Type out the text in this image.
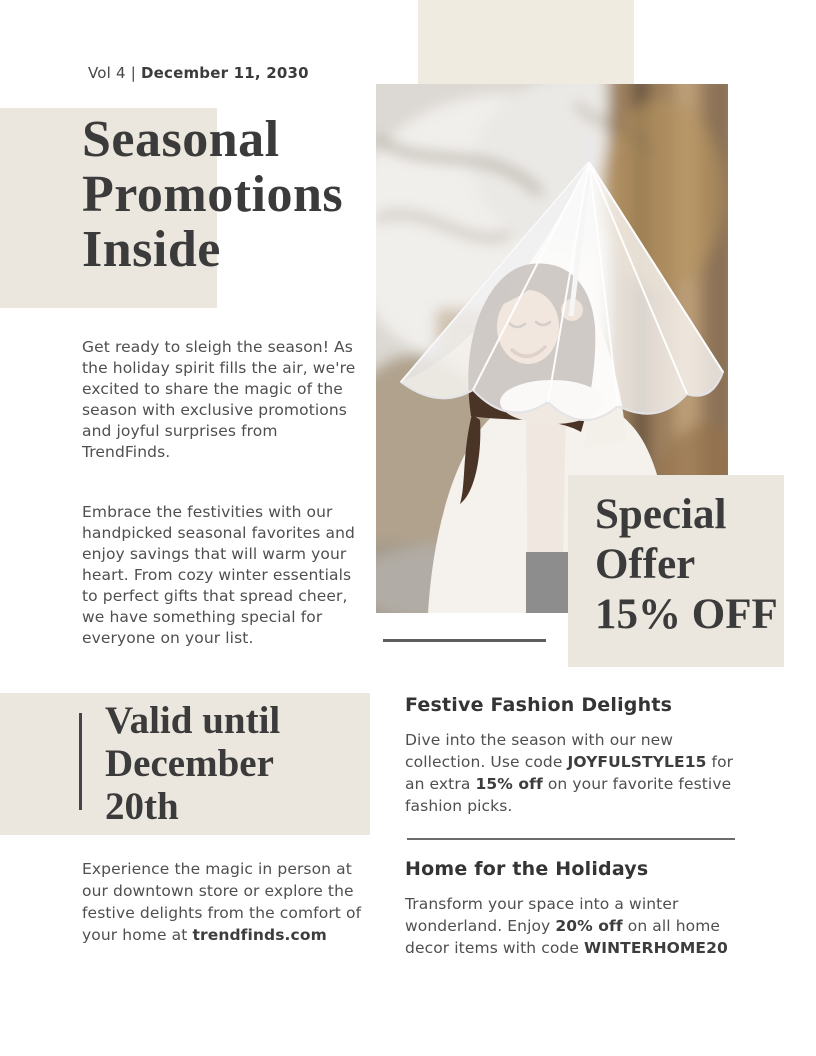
Vol 4 | December 11, 2030
Seasonal
Promotions
Inside
Special
Offer
15% OFF

Get ready to sleigh the season! As the holiday spirit fills the air, we're excited to share the magic of the season with exclusive promotions and joyful surprises from TrendFinds.

Embrace the festivities with our handpicked seasonal favorites and enjoy savings that will warm your heart. From cozy winter essentials to perfect gifts that spread cheer, we have something special for everyone on your list.

Valid until
December
20th

Experience the magic in person at our downtown store or explore the festive delights from the comfort of your home at trendfinds.com

Festive Fashion Delights

Dive into the season with our new collection. Use code JOYFULSTYLE15 for an extra 15% off on your favorite festive fashion picks.

Home for the Holidays

Transform your space into a winter wonderland. Enjoy 20% off on all home decor items with code WINTERHOME20
